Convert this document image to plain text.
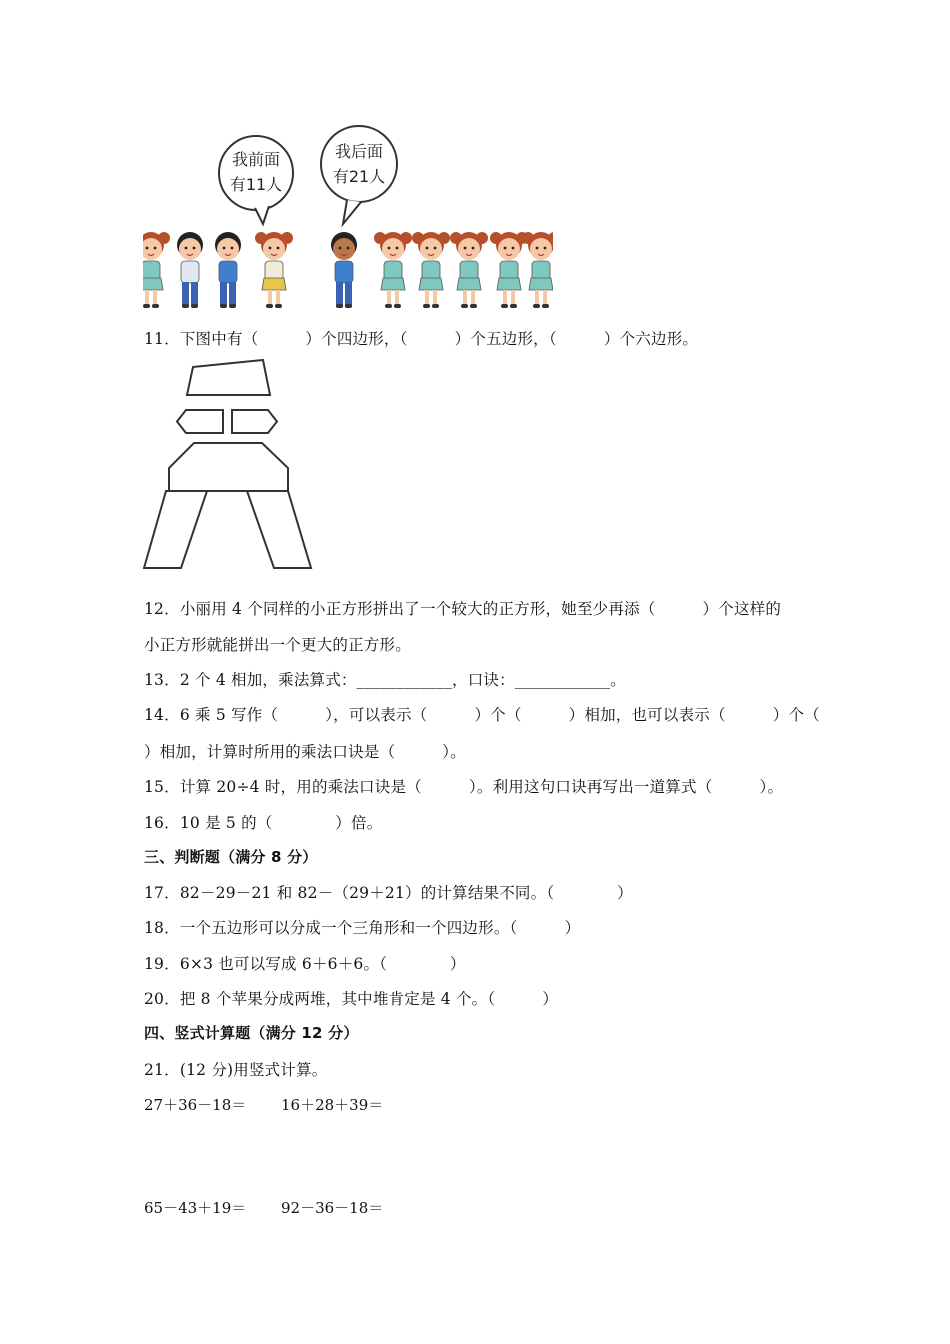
我前面
有11人
我后面
有21人
11．下图中有（　　　）个四边形，（　　　）个五边形，（　　　）个六边形。
12．小丽用 4 个同样的小正方形拼出了一个较大的正方形，她至少再添（　　　）个这样的
小正方形就能拼出一个更大的正方形。
13．2 个 4 相加，乘法算式：____________，口诀：____________。
14．6 乘 5 写作（　　　），可以表示（　　　）个（　　　）相加，也可以表示（　　　）个（
）相加，计算时所用的乘法口诀是（　　　）。
15．计算 20÷4 时，用的乘法口诀是（　　　）。利用这句口诀再写出一道算式（　　　）。
16．10 是 5 的（　　　　）倍。
三、判断题（满分 8 分）
17．82－29－21 和 82－（29＋21）的计算结果不同。（　　　　）
18．一个五边形可以分成一个三角形和一个四边形。（　　　）
19．6×3 也可以写成 6＋6＋6。（　　　　）
20．把 8 个苹果分成两堆，其中堆肯定是 4 个。（　　　）
四、竖式计算题（满分 12 分）
21．(12 分)用竖式计算。
27＋36－18＝ 16＋28＋39＝
65－43＋19＝ 92－36－18＝
